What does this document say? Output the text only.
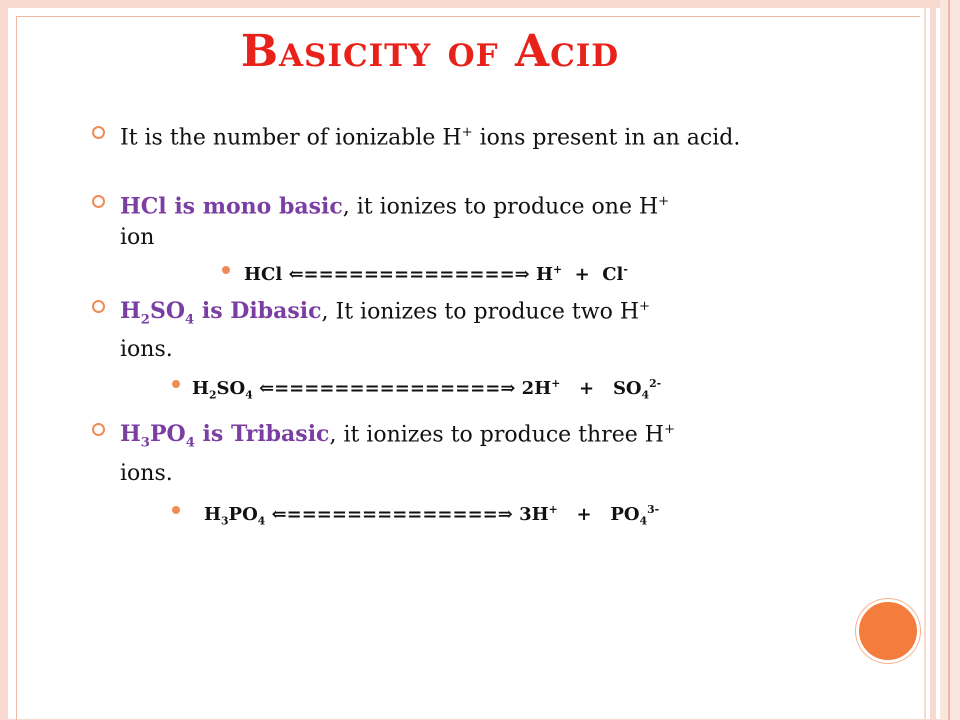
Basicity of Acid
It is the number of ionizable H+ ions present in an acid.
HCl is mono basic, it ionizes to produce one H+
ion
HCl ⇐==============⇒ H+  +  Cl-
$H_2SO_4$ is Dibasic, It ionizes to produce two H+
ions.
$H_2SO_4$ ⇐===============⇒ $2H^+ + SO_4^{2-}$
$H_3PO_4$ is Tribasic, it ionizes to produce three H+
ions.
$H_3PO_4$ ⇐==============⇒ $3H^+ + PO_4^{3-}$
